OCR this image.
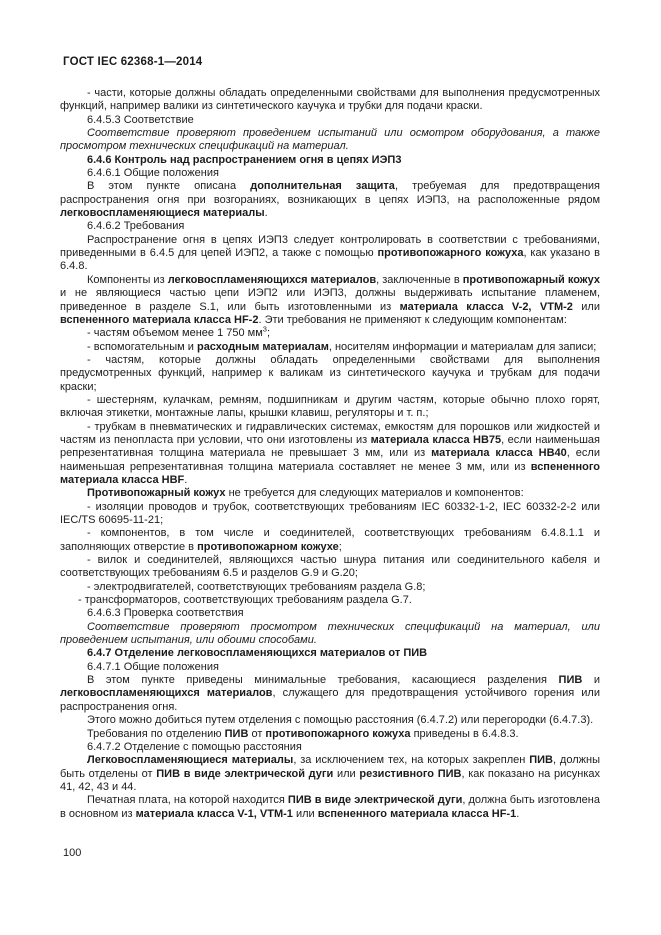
ГОСТ IEC 62368-1—2014

- части, которые должны обладать определенными свойствами для выполнения предусмотренных функций, например валики из синтетического каучука и трубки для подачи краски.

6.4.5.3 Соответствие

Соответствие проверяют проведением испытаний или осмотром оборудования, а также просмотром технических спецификаций на материал.

6.4.6 Контроль над распространением огня в цепях ИЭП3

6.4.6.1 Общие положения

В этом пункте описана дополнительная защита, требуемая для предотвращения распространения огня при возгораниях, возникающих в цепях ИЭП3, на расположенные рядом легковоспламеняющиеся материалы.

6.4.6.2 Требования

Распространение огня в цепях ИЭП3 следует контролировать в соответствии с требованиями, приведенными в 6.4.5 для цепей ИЭП2, а также с помощью противопожарного кожуха, как указано в 6.4.8.

Компоненты из легковоспламеняющихся материалов, заключенные в противопожарный кожух и не являющиеся частью цепи ИЭП2 или ИЭП3, должны выдерживать испытание пламенем, приведенное в разделе S.1, или быть изготовленными из материала класса V-2, VTM-2 или вспененного материала класса HF-2. Эти требования не применяют к следующим компонентам:

- частям объемом менее 1 750 $мм^3$;

- вспомогательным и расходным материалам, носителям информации и материалам для записи;

- частям, которые должны обладать определенными свойствами для выполнения предусмотренных функций, например к валикам из синтетического каучука и трубкам для подачи краски;

- шестерням, кулачкам, ремням, подшипникам и другим частям, которые обычно плохо горят, включая этикетки, монтажные лапы, крышки клавиш, регуляторы и т. п.;

- трубкам в пневматических и гидравлических системах, емкостям для порошков или жидкостей и частям из пенопласта при условии, что они изготовлены из материала класса HB75, если наименьшая репрезентативная толщина материала не превышает 3 мм, или из материала класса HB40, если наименьшая репрезентативная толщина материала составляет не менее 3 мм, или из вспененного материала класса HBF.

Противопожарный кожух не требуется для следующих материалов и компонентов:

- изоляции проводов и трубок, соответствующих требованиям IEC 60332-1-2, IEC 60332-2-2 или IEC/TS 60695-11-21;

- компонентов, в том числе и соединителей, соответствующих требованиям 6.4.8.1.1 и заполняющих отверстие в противопожарном кожухе;

- вилок и соединителей, являющихся частью шнура питания или соединительного кабеля и соответствующих требованиям 6.5 и разделов G.9 и G.20;

- электродвигателей, соответствующих требованиям раздела G.8;

- трансформаторов, соответствующих требованиям раздела G.7.

6.4.6.3 Проверка соответствия

Соответствие проверяют просмотром технических спецификаций на материал, или проведением испытания, или обоими способами.

6.4.7 Отделение легковоспламеняющихся материалов от ПИВ

6.4.7.1 Общие положения

В этом пункте приведены минимальные требования, касающиеся разделения ПИВ и легковоспламеняющихся материалов, служащего для предотвращения устойчивого горения или распространения огня.

Этого можно добиться путем отделения с помощью расстояния (6.4.7.2) или перегородки (6.4.7.3).

Требования по отделению ПИВ от противопожарного кожуха приведены в 6.4.8.3.

6.4.7.2 Отделение с помощью расстояния

Легковоспламеняющиеся материалы, за исключением тех, на которых закреплен ПИВ, должны быть отделены от ПИВ в виде электрической дуги или резистивного ПИВ, как показано на рисунках 41, 42, 43 и 44.

Печатная плата, на которой находится ПИВ в виде электрической дуги, должна быть изготовлена в основном из материала класса V-1, VTM-1 или вспененного материала класса HF-1.

100
